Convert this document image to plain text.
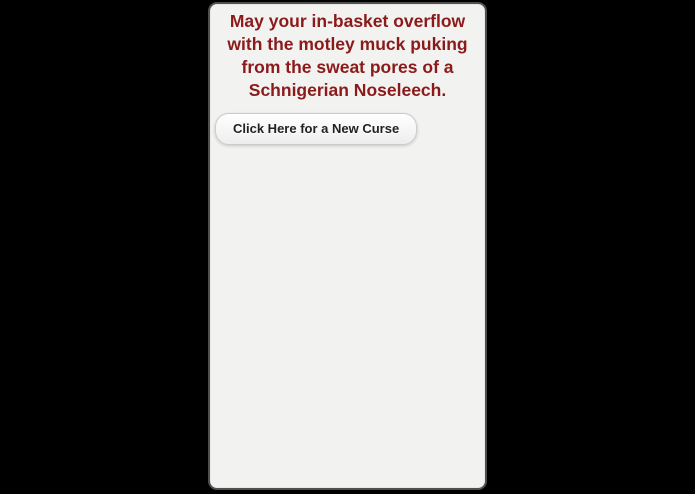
May your in-basket overflow with the motley muck puking from the sweat pores of a Schnigerian Noseleech.

Click Here for a New Curse
